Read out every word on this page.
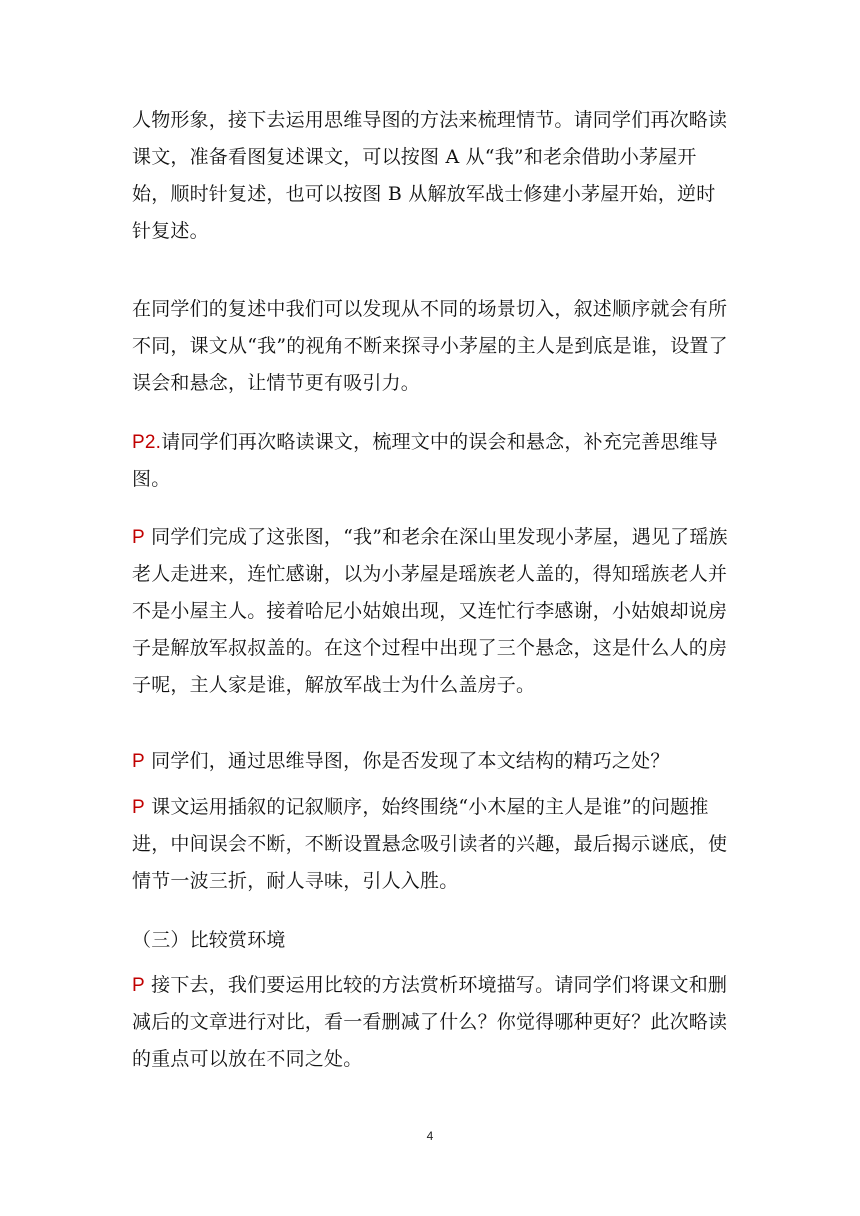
人物形象，接下去运用思维导图的方法来梳理情节。请同学们再次略读课文，准备看图复述课文，可以按图 A 从“我”和老余借助小茅屋开始，顺时针复述，也可以按图 B 从解放军战士修建小茅屋开始，逆时针复述。

在同学们的复述中我们可以发现从不同的场景切入，叙述顺序就会有所不同，课文从“我”的视角不断来探寻小茅屋的主人是到底是谁，设置了误会和悬念，让情节更有吸引力。

P2.请同学们再次略读课文，梳理文中的误会和悬念，补充完善思维导图。

P 同学们完成了这张图，“我”和老余在深山里发现小茅屋，遇见了瑶族老人走进来，连忙感谢，以为小茅屋是瑶族老人盖的，得知瑶族老人并不是小屋主人。接着哈尼小姑娘出现，又连忙行李感谢，小姑娘却说房子是解放军叔叔盖的。在这个过程中出现了三个悬念，这是什么人的房子呢，主人家是谁，解放军战士为什么盖房子。

P 同学们，通过思维导图，你是否发现了本文结构的精巧之处？

P 课文运用插叙的记叙顺序，始终围绕“小木屋的主人是谁”的问题推进，中间误会不断，不断设置悬念吸引读者的兴趣，最后揭示谜底，使情节一波三折，耐人寻味，引人入胜。

（三）比较赏环境

P 接下去，我们要运用比较的方法赏析环境描写。请同学们将课文和删减后的文章进行对比，看一看删减了什么？你觉得哪种更好？此次略读的重点可以放在不同之处。

4
